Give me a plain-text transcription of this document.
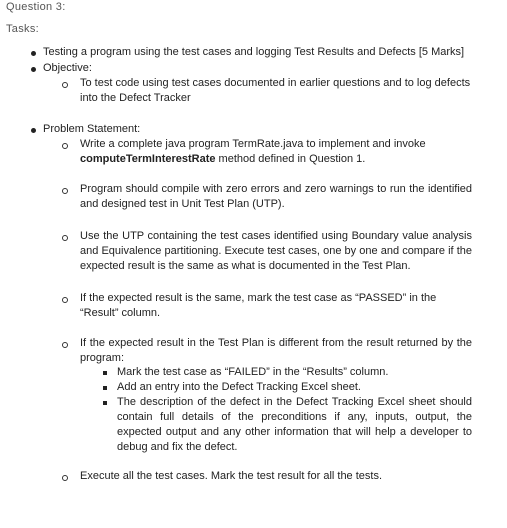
Question 3:
Tasks:
Testing a program using the test cases and logging Test Results and Defects [5 Marks]
Objective:
To test code using test cases documented in earlier questions and to log defects into the Defect Tracker
Problem Statement:
Write a complete java program TermRate.java to implement and invoke
computeTermInterestRate method defined in Question 1.
Program should compile with zero errors and zero warnings to run the identified and designed test in Unit Test Plan (UTP).
Use the UTP containing the test cases identified using Boundary value analysis and Equivalence partitioning. Execute test cases, one by one and compare if the expected result is the same as what is documented in the Test Plan.
If the expected result is the same, mark the test case as “PASSED” in the “Result” column.
If the expected result in the Test Plan is different from the result returned by the program:
Mark the test case as “FAILED” in the “Results” column.
Add an entry into the Defect Tracking Excel sheet.
The description of the defect in the Defect Tracking Excel sheet should contain full details of the preconditions if any, inputs, output, the expected output and any other information that will help a developer to debug and fix the defect.
Execute all the test cases. Mark the test result for all the tests.
